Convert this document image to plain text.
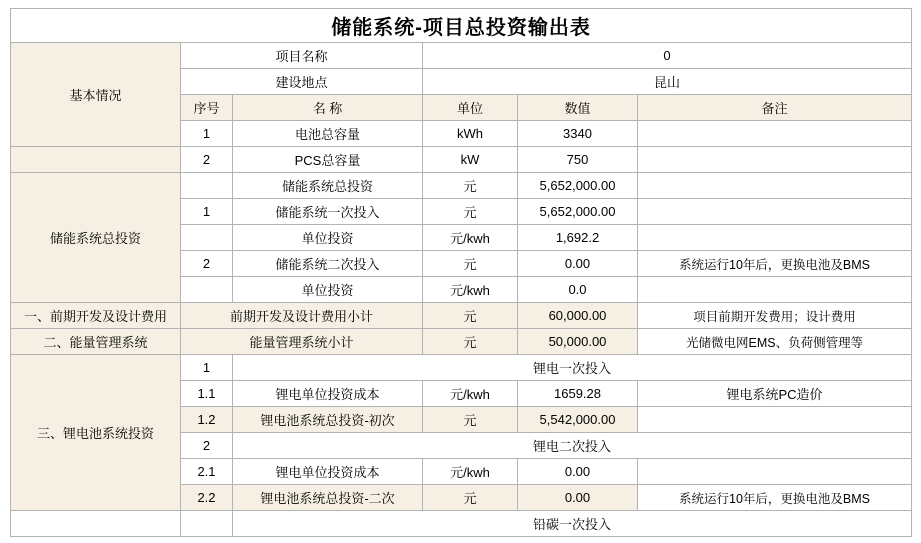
储能系统-项目总投资输出表					
基本情况	项目名称		0		
	建设地点		昆山		
	序号	名 称	单位	数值	备注
	1	电池总容量	kWh	3340	
	2	PCS总容量	kW	750	
储能系统总投资		储能系统总投资	元	5,652,000.00	
	1	储能系统一次投入	元	5,652,000.00	
		单位投资	元/kwh	1,692.2	
	2	储能系统二次投入	元	0.00	系统运行10年后，更换电池及BMS
		单位投资	元/kwh	0.0	
一、前期开发及设计费用	前期开发及设计费用小计		元	60,000.00	项目前期开发费用；设计费用
二、能量管理系统	能量管理系统小计		元	50,000.00	光储微电网EMS、负荷侧管理等
三、锂电池系统投资	1	锂电一次投入			
	1.1	锂电单位投资成本	元/kwh	1659.28	锂电系统PC造价
	1.2	锂电池系统总投资-初次	元	5,542,000.00	
	2	锂电二次投入			
	2.1	锂电单位投资成本	元/kwh	0.00	
	2.2	锂电池系统总投资-二次	元	0.00	系统运行10年后，更换电池及BMS
		铅碳一次投入			
